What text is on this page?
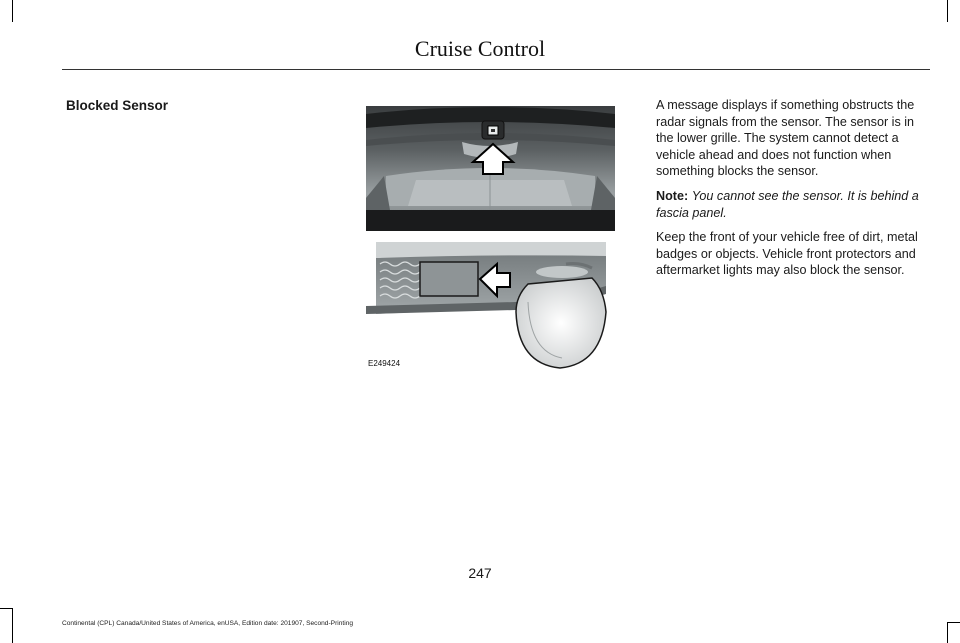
Cruise Control
Blocked Sensor
E249424

A message displays if something obstructs the radar signals from the sensor. The sensor is in the lower grille. The system cannot detect a vehicle ahead and does not function when something blocks the sensor.

Note: You cannot see the sensor. It is behind a fascia panel.

Keep the front of your vehicle free of dirt, metal badges or objects. Vehicle front protectors and aftermarket lights may also block the sensor.

247
Continental (CPL) Canada/United States of America, enUSA, Edition date: 201907, Second-Printing
